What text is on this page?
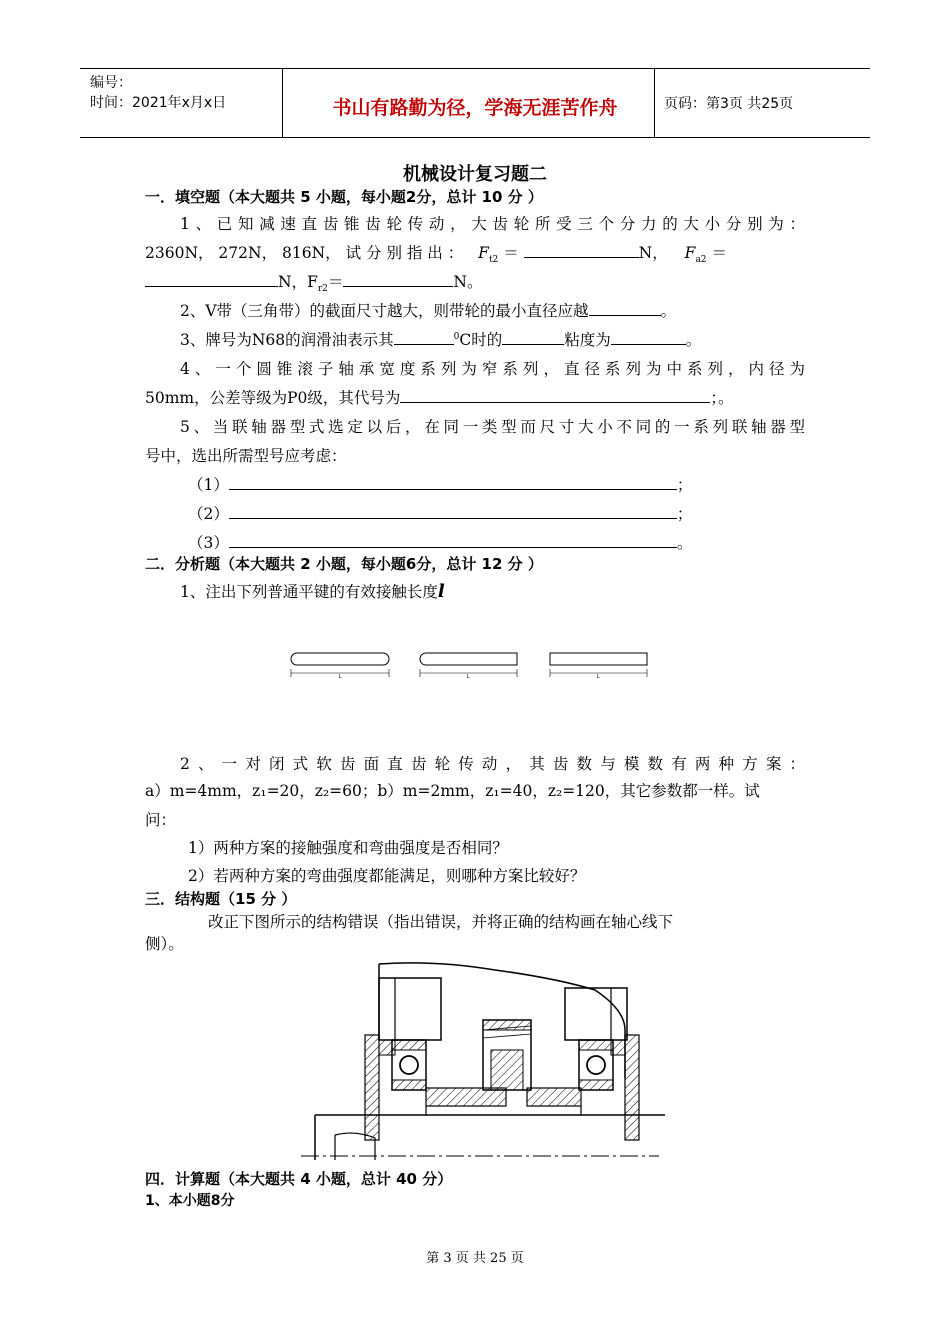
编号：
时间：2021年x月x日	书山有路勤为径，学海无涯苦作舟	页码：第3页 共25页
机械设计复习题二
一．填空题（本大题共 5 小题，每小题2分，总计 10 分 ）
1、已知减速直齿锥齿轮传动，大齿轮所受三个分力的大小分别为：
2360N， 272N， 816N， 试 分 别 指 出 ： $F_{t2}$ ＝	N， $F_{a2}$ ＝
N，$F_{r2}=$	N。
2、V带（三角带）的截面尺寸越大，则带轮的最小直径应越	。
3、牌号为N68的润滑油表示其	$^0$C时的	粘度为	。
4、一个圆锥滚子轴承宽度系列为窄系列，直径系列为中系列，内径为
50mm，公差等级为P0级，其代号为	；。
5、当联轴器型式选定以后，在同一类型而尺寸大小不同的一系列联轴器型
号中，选出所需型号应考虑：
（1）	；
（2）	；
（3）	。
二．分析题（本大题共 2 小题，每小题6分，总计 12 分 ）
1、注出下列普通平键的有效接触长度l
L	L	L
2、一对闭式软齿面直齿轮传动，其齿数与模数有两种方案：
a）m=4mm，z₁=20，z₂=60；b）m=2mm，z₁=40，z₂=120，其它参数都一样。试
问：
1）两种方案的接触强度和弯曲强度是否相同？
2）若两种方案的弯曲强度都能满足，则哪种方案比较好？
三．结构题（15 分 ）
改正下图所示的结构错误（指出错误，并将正确的结构画在轴心线下
侧）。
四．计算题（本大题共 4 小题，总计 40 分）
1、本小题8分
第 3 页 共 25 页
